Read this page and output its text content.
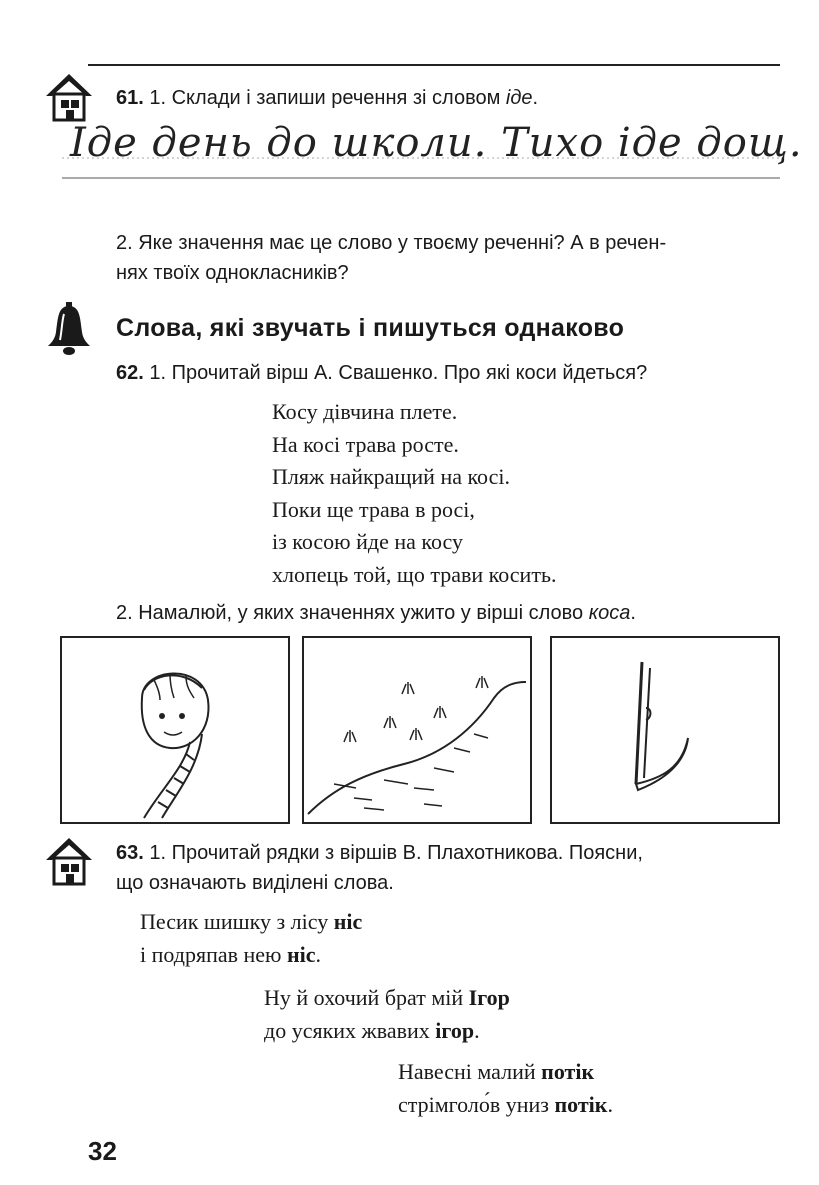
61. 1. Склади і запиши речення зі словом іде.
Іде день до школи. Тихо іде дощ.
2. Яке значення має це слово у твоєму реченні? А в речен-
нях твоїх однокласників?
Слова, які звучать і пишуться однаково
62. 1. Прочитай вірш А. Свашенко. Про які коси йдеться?
Косу дівчина плете.
На косі трава росте.
Пляж найкращий на косі.
Поки ще трава в росі,
із косою йде на косу
хлопець той, що трави косить.
2. Намалюй, у яких значеннях ужито у вірші слово коса.
63. 1. Прочитай рядки з віршів В. Плахотникова. Поясни,
що означають виділені слова.
Песик шишку з лісу ніс
і подряпав нею ніс.
Ну й охочий брат мій Ігор
до усяких жвавих ігор.
Навесні малий потік
стрімголо́в униз потік.
32
